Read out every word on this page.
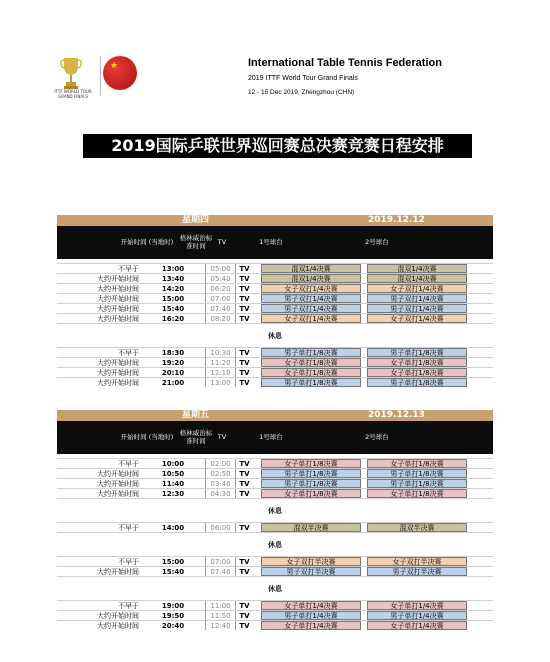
ITTF WORLD TOUR GRAND FINALS
★	International Table Tennis Federation
2019 ITTF World Tour Grand Finals
12 - 15 Dec 2019, Zhengzhou (CHN)
2019国际乒联世界巡回赛总决赛竞赛日程安排
星期四	2019.12.12
开始时间 (当地时) 格林威治标准时间	TV	1号球台	2号球台
不早于	13:00	05:00	TV	混双1/4决赛	混双1/4决赛
大约开始时间	13:40	05:40	TV	混双1/4决赛	混双1/4决赛
大约开始时间	14:20	06:20	TV	女子双打1/4决赛	女子双打1/4决赛
大约开始时间	15:00	07:00	TV	男子双打1/4决赛	男子双打1/4决赛
大约开始时间	15:40	07:40	TV	男子双打1/4决赛	男子双打1/4决赛
大约开始时间	16:20	08:20	TV	女子双打1/4决赛	女子双打1/4决赛
休息
不早于	18:30	10:30	TV	男子单打1/8决赛	男子单打1/8决赛
大约开始时间	19:20	11:20	TV	女子单打1/8决赛	女子单打1/8决赛
大约开始时间	20:10	12:10	TV	女子单打1/8决赛	女子单打1/8决赛
大约开始时间	21:00	13:00	TV	男子单打1/8决赛	男子单打1/8决赛
星期五	2019.12.13
开始时间 (当地时) 格林威治标准时间	TV	1号球台	2号球台
不早于	10:00	02:00	TV	女子单打1/8决赛	女子单打1/8决赛
大约开始时间	10:50	02:50	TV	男子单打1/8决赛	男子单打1/8决赛
大约开始时间	11:40	03:40	TV	男子单打1/8决赛	男子单打1/8决赛
大约开始时间	12:30	04:30	TV	女子单打1/8决赛	女子单打1/8决赛
休息
不早于	14:00	06:00	TV	混双半决赛	混双半决赛
休息
不早于	15:00	07:00	TV	女子双打半决赛	女子双打半决赛
大约开始时间	15:40	07:40	TV	男子双打半决赛	男子双打半决赛
休息
不早于	19:00	11:00	TV	女子单打1/4决赛	女子单打1/4决赛
大约开始时间	19:50	11:50	TV	男子单打1/4决赛	男子单打1/4决赛
大约开始时间	20:40	12:40	TV	女子单打1/4决赛	女子单打1/4决赛
